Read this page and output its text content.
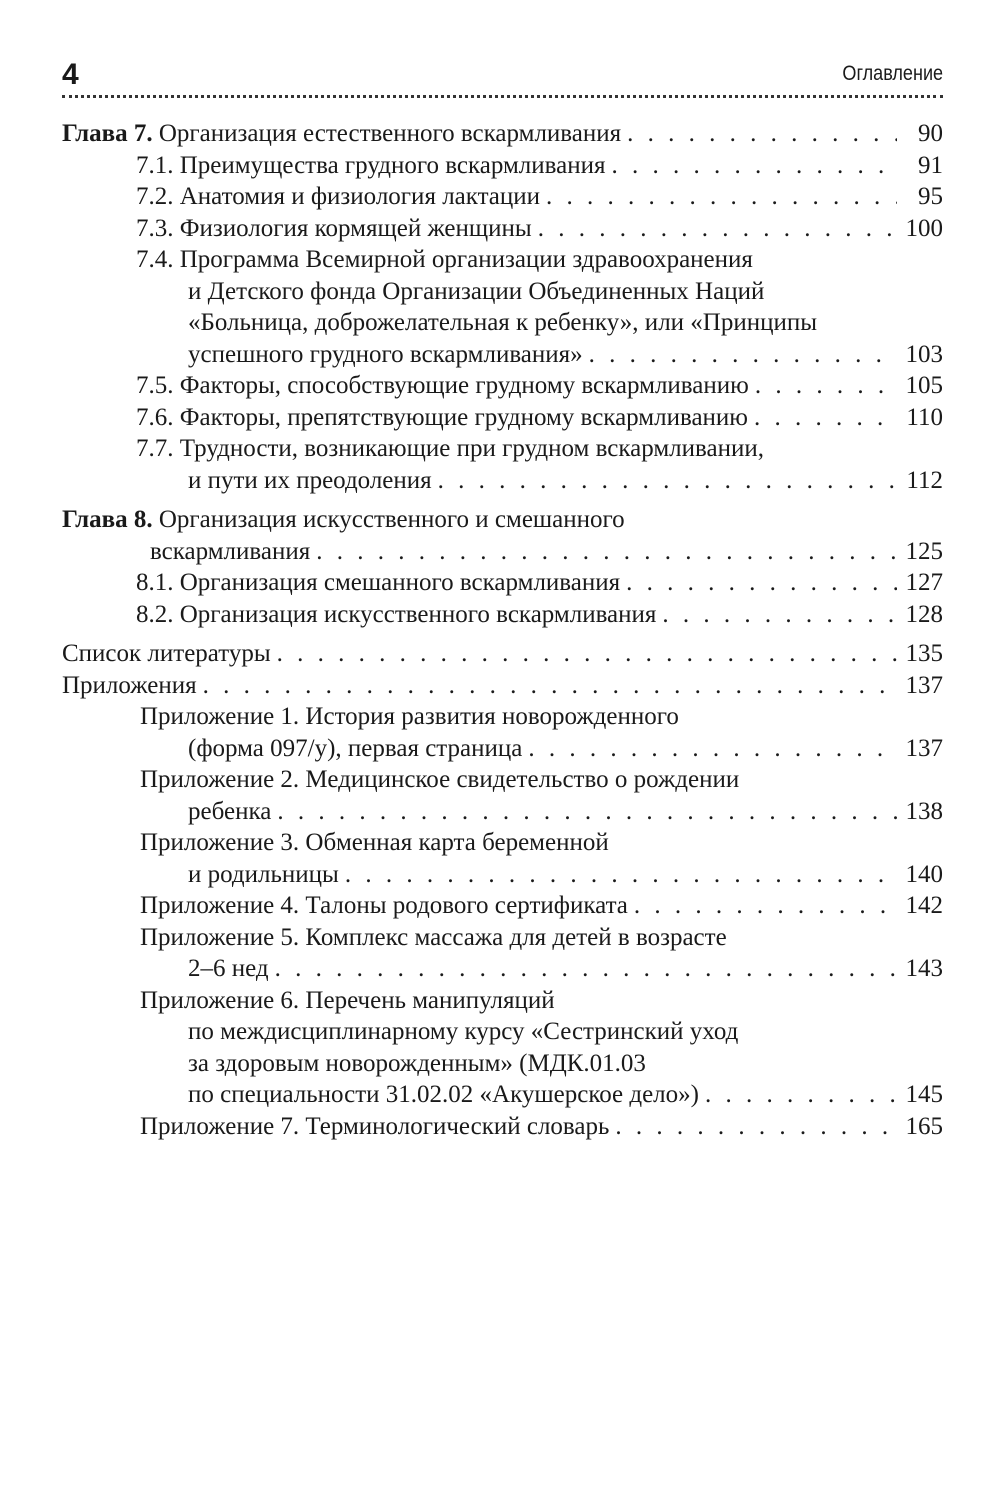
4	Оглавление
Глава 7. Организация естественного вскармливания . . .	90
7.1. Преимущества грудного вскармливания . . .	91
7.2. Анатомия и физиология лактации . . .	95
7.3. Физиология кормящей женщины . . .	100
7.4. Программа Всемирной организации здравоохранения
и Детского фонда Организации Объединенных Наций
«Больница, доброжелательная к ребенку», или «Принципы
успешного грудного вскармливания» . . .	103
7.5. Факторы, способствующие грудному вскармливанию . . .	105
7.6. Факторы, препятствующие грудному вскармливанию . . .	110
7.7. Трудности, возникающие при грудном вскармливании,
и пути их преодоления . . .	112
Глава 8. Организация искусственного и смешанного
вскармливания . . .	125
8.1. Организация смешанного вскармливания . . .	127
8.2. Организация искусственного вскармливания . . .	128
Список литературы . . .	135
Приложения . . .	137
Приложение 1. История развития новорожденного
(форма 097/у), первая страница . . .	137
Приложение 2. Медицинское свидетельство о рождении
ребенка . . .	138
Приложение 3. Обменная карта беременной
и родильницы . . .	140
Приложение 4. Талоны родового сертификата . . .	142
Приложение 5. Комплекс массажа для детей в возрасте
2–6 нед . . .	143
Приложение 6. Перечень манипуляций
по междисциплинарному курсу «Сестринский уход
за здоровым новорожденным» (МДК.01.03
по специальности 31.02.02 «Акушерское дело») . . .	145
Приложение 7. Терминологический словарь . . .	165
